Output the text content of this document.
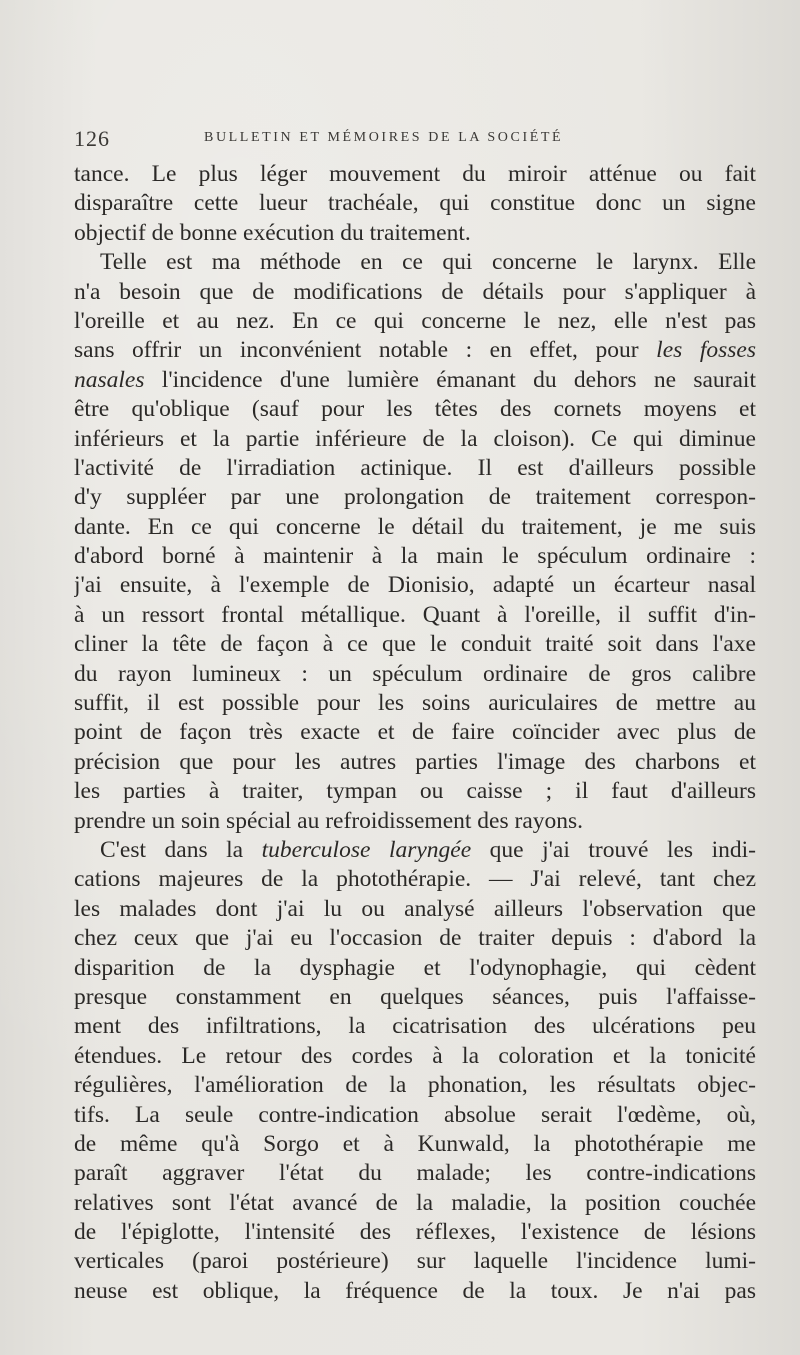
126	BULLETIN ET MÉMOIRES DE LA SOCIÉTÉ
tance. Le plus léger mouvement du miroir atténue ou fait
disparaître cette lueur trachéale, qui constitue donc un signe
objectif de bonne exécution du traitement.
Telle est ma méthode en ce qui concerne le larynx. Elle
n'a besoin que de modifications de détails pour s'appliquer à
l'oreille et au nez. En ce qui concerne le nez, elle n'est pas
sans offrir un inconvénient notable : en effet, pour les fosses
nasales l'incidence d'une lumière émanant du dehors ne saurait
être qu'oblique (sauf pour les têtes des cornets moyens et
inférieurs et la partie inférieure de la cloison). Ce qui diminue
l'activité de l'irradiation actinique. Il est d'ailleurs possible
d'y suppléer par une prolongation de traitement correspon-
dante. En ce qui concerne le détail du traitement, je me suis
d'abord borné à maintenir à la main le spéculum ordinaire :
j'ai ensuite, à l'exemple de Dionisio, adapté un écarteur nasal
à un ressort frontal métallique. Quant à l'oreille, il suffit d'in-
cliner la tête de façon à ce que le conduit traité soit dans l'axe
du rayon lumineux : un spéculum ordinaire de gros calibre
suffit, il est possible pour les soins auriculaires de mettre au
point de façon très exacte et de faire coïncider avec plus de
précision que pour les autres parties l'image des charbons et
les parties à traiter, tympan ou caisse ; il faut d'ailleurs
prendre un soin spécial au refroidissement des rayons.
C'est dans la tuberculose laryngée que j'ai trouvé les indi-
cations majeures de la photothérapie. — J'ai relevé, tant chez
les malades dont j'ai lu ou analysé ailleurs l'observation que
chez ceux que j'ai eu l'occasion de traiter depuis : d'abord la
disparition de la dysphagie et l'odynophagie, qui cèdent
presque constamment en quelques séances, puis l'affaisse-
ment des infiltrations, la cicatrisation des ulcérations peu
étendues. Le retour des cordes à la coloration et la tonicité
régulières, l'amélioration de la phonation, les résultats objec-
tifs. La seule contre-indication absolue serait l'œdème, où,
de même qu'à Sorgo et à Kunwald, la photothérapie me
paraît aggraver l'état du malade; les contre-indications
relatives sont l'état avancé de la maladie, la position couchée
de l'épiglotte, l'intensité des réflexes, l'existence de lésions
verticales (paroi postérieure) sur laquelle l'incidence lumi-
neuse est oblique, la fréquence de la toux. Je n'ai pas
